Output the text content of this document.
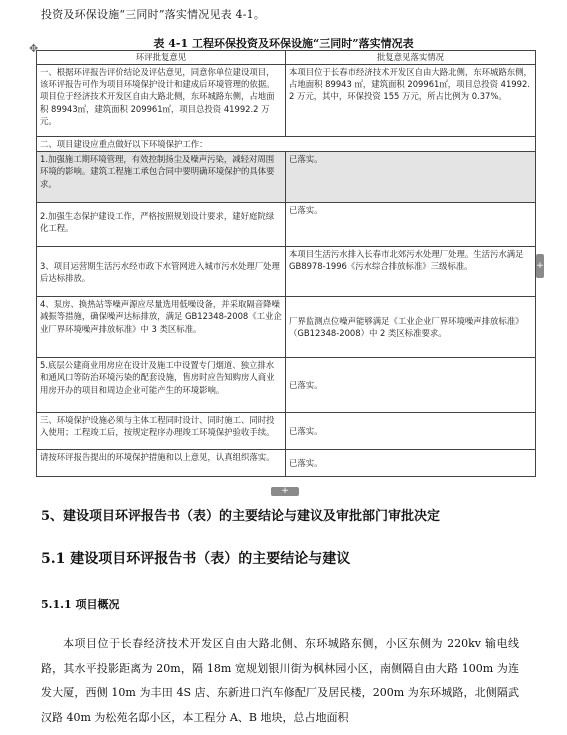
投资及环保设施“三同时”落实情况见表 4-1。
表 4-1 工程环保投资及环保设施“三同时”落实情况表
✥
环评批复意见	批复意见落实情况
一、根据环评报告评价结论及评估意见，同意你单位建设项目，该环评报告可作为项目环境保护设计和建成后环境管理的依据。项目位于经济技术开发区自由大路北侧，东环城路东侧，占地面积 89943㎡，建筑面积 209961㎡，项目总投资 41992.2 万元。	本项目位于长春市经济技术开发区自由大路北侧，东环城路东侧，占地面积 89943 ㎡，建筑面积 209961㎡，项目总投资 41992.2 万元，其中，环保投资 155 万元，所占比例为 0.37%。
二、项目建设应重点做好以下环境保护工作：	
1.加强施工期环境管理，有效控制扬尘及噪声污染，减轻对周围环境的影响。建筑工程施工承包合同中要明确环境保护的具体要求。	已落实。
2.加强生态保护建设工作，严格按照规划设计要求，建好庭院绿化工程。	已落实。
3、项目运营期生活污水经市政下水管网进入城市污水处理厂处理后达标排放。	本项目生活污水排入长春市北郊污水处理厂处理。生活污水满足 GB8978-1996《污水综合排放标准》三级标准。
4、泵房、换热站等噪声源应尽量选用低噪设备，并采取隔音降噪减振等措施，确保噪声达标排放，满足 GB12348-2008《工业企业厂界环境噪声排放标准》中 3 类区标准。	厂界监测点位噪声能够满足《工业企业厂界环境噪声排放标准》（GB12348-2008）中 2 类区标准要求。
5.底层公建商业用房应在设计及施工中设置专门烟道、独立排水和通风口等防治环境污染的配套设施，售房时应告知购房人商业用房开办的项目和周边企业可能产生的环境影响。	已落实。
三、环境保护设施必须与主体工程同时设计、同时施工、同时投入使用；工程竣工后，按规定程序办理竣工环境保护验收手续。	已落实。
请按环评报告提出的环境保护措施和以上意见，认真组织落实。	已落实。
+
+
5、建设项目环评报告书（表）的主要结论与建议及审批部门审批决定
5.1 建设项目环评报告书（表）的主要结论与建议
5.1.1 项目概况
本项目位于长春经济技术开发区自由大路北侧、东环城路东侧，小区东侧为 220kv 输电线路，其水平投影距离为 20m，隔 18m 宽规划银川街为枫林园小区，南侧隔自由大路 100m 为连发大厦，西侧 10m 为丰田 4S 店、东新进口汽车修配厂及居民楼，200m 为东环城路，北侧隔武汉路 40m 为松苑名邸小区，本工程分 A、B 地块，总占地面积
